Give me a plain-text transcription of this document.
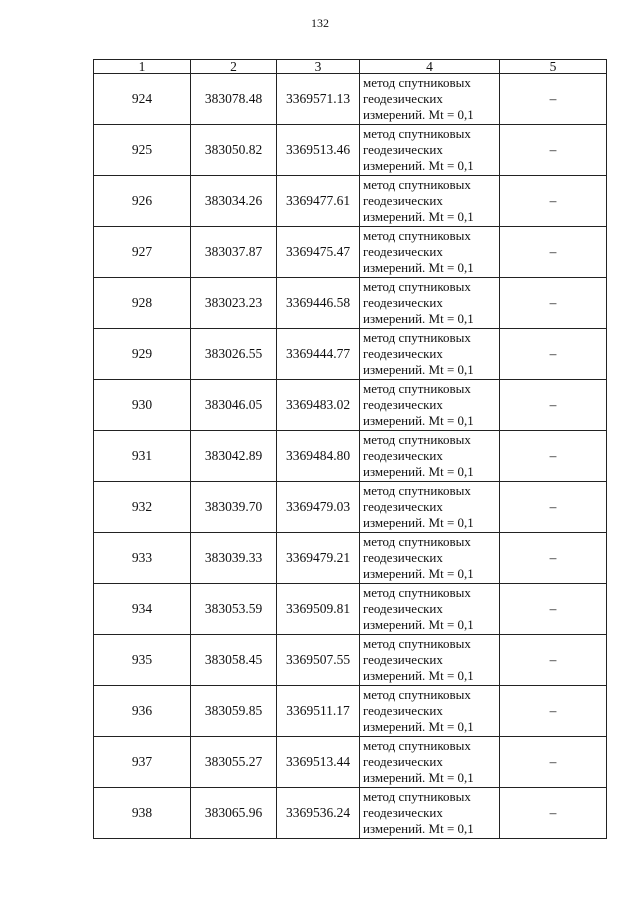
132
1	2	3	4	5
924	383078.48	3369571.13	метод спутниковых геодезических измерений. Mt = 0,1	–
925	383050.82	3369513.46	метод спутниковых геодезических измерений. Mt = 0,1	–
926	383034.26	3369477.61	метод спутниковых геодезических измерений. Mt = 0,1	–
927	383037.87	3369475.47	метод спутниковых геодезических измерений. Mt = 0,1	–
928	383023.23	3369446.58	метод спутниковых геодезических измерений. Mt = 0,1	–
929	383026.55	3369444.77	метод спутниковых геодезических измерений. Mt = 0,1	–
930	383046.05	3369483.02	метод спутниковых геодезических измерений. Mt = 0,1	–
931	383042.89	3369484.80	метод спутниковых геодезических измерений. Mt = 0,1	–
932	383039.70	3369479.03	метод спутниковых геодезических измерений. Mt = 0,1	–
933	383039.33	3369479.21	метод спутниковых геодезических измерений. Mt = 0,1	–
934	383053.59	3369509.81	метод спутниковых геодезических измерений. Mt = 0,1	–
935	383058.45	3369507.55	метод спутниковых геодезических измерений. Mt = 0,1	–
936	383059.85	3369511.17	метод спутниковых геодезических измерений. Mt = 0,1	–
937	383055.27	3369513.44	метод спутниковых геодезических измерений. Mt = 0,1	–
938	383065.96	3369536.24	метод спутниковых геодезических измерений. Mt = 0,1	–
